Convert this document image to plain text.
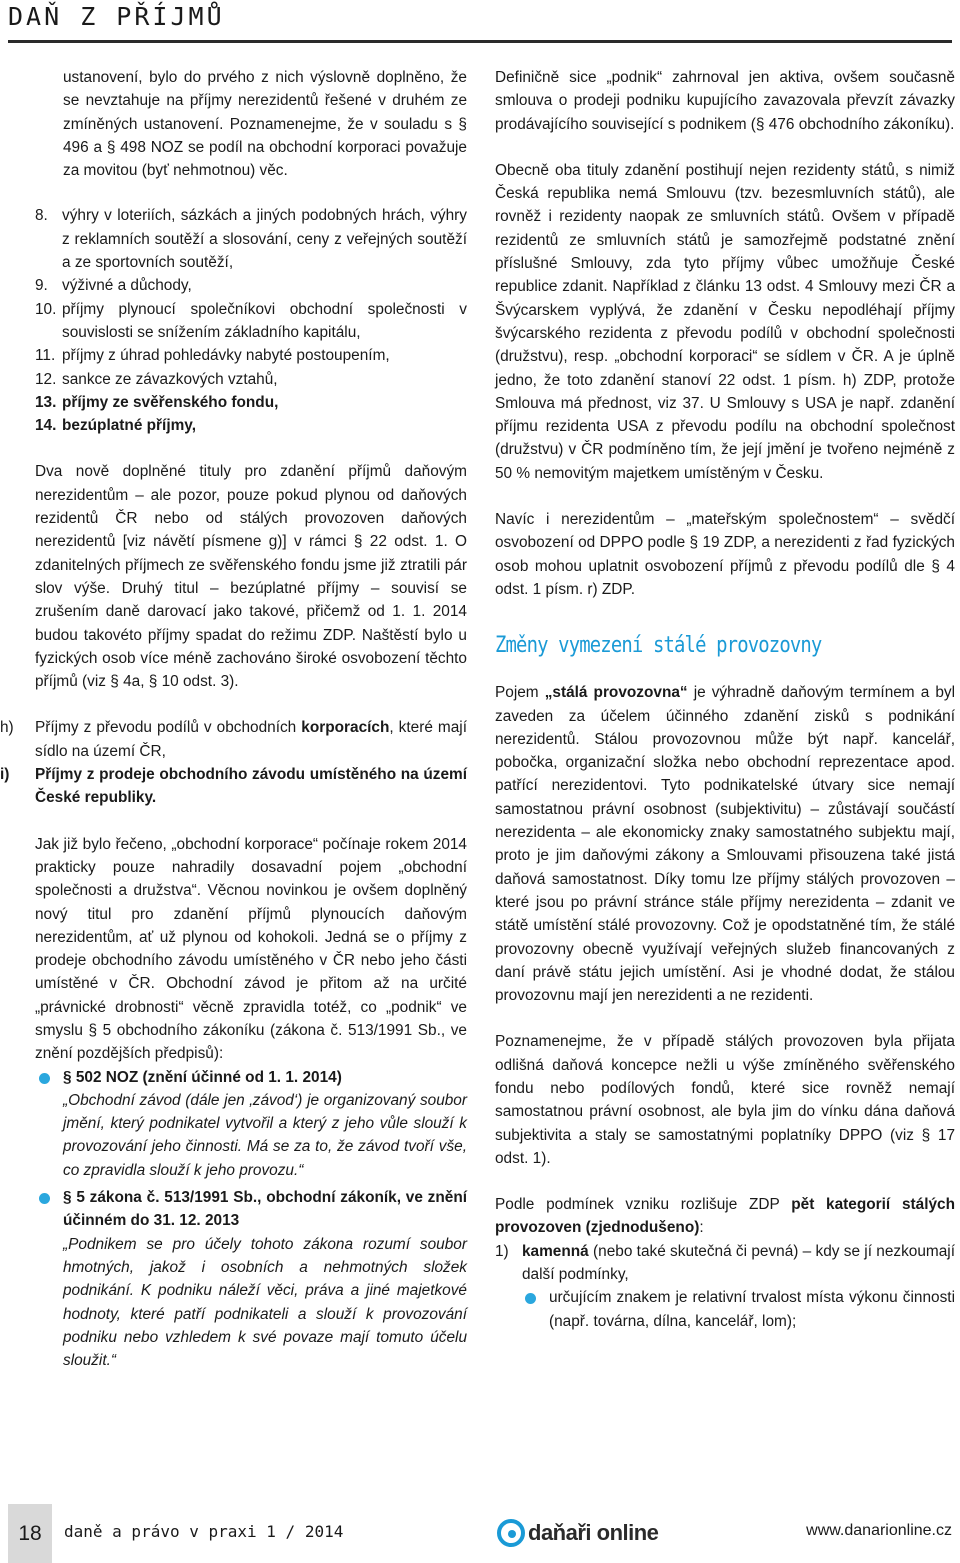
DAŇ Z PŘÍJMŮ

ustanovení, bylo do prvého z nich výslovně doplněno, že se nevztahuje na příjmy nerezidentů řešené v druhém ze zmíněných ustanovení. Poznamenejme, že v souladu s § 496 a § 498 NOZ se podíl na obchodní korporaci považuje za movitou (byť nehmotnou) věc.

8. výhry v loteriích, sázkách a jiných podobných hrách, výhry z reklamních soutěží a slosování, ceny z veřejných soutěží a ze sportovních soutěží,
9. výživné a důchody,
10. příjmy plynoucí společníkovi obchodní společnosti v souvislosti se snížením základního kapitálu,
11. příjmy z úhrad pohledávky nabyté postoupením,
12. sankce ze závazkových vztahů,
13. příjmy ze svěřenského fondu,
14. bezúplatné příjmy,

Dva nově doplněné tituly pro zdanění příjmů daňovým nerezidentům – ale pozor, pouze pokud plynou od daňových rezidentů ČR nebo od stálých provozoven daňových nerezidentů [viz návětí písmene g)] v rámci § 22 odst. 1. O zdanitelných příjmech ze svěřenského fondu jsme již ztratili pár slov výše. Druhý titul – bezúplatné příjmy – souvisí se zrušením daně darovací jako takové, přičemž od 1. 1. 2014 budou takovéto příjmy spadat do režimu ZDP. Naštěstí bylo u fyzických osob více méně zachováno široké osvobození těchto příjmů (viz § 4a, § 10 odst. 3).

h) Příjmy z převodu podílů v obchodních korporacích, které mají sídlo na území ČR,
i) Příjmy z prodeje obchodního závodu umístěného na území České republiky.

Jak již bylo řečeno, „obchodní korporace“ počínaje rokem 2014 prakticky pouze nahradily dosavadní pojem „obchodní společnosti a družstva“. Věcnou novinkou je ovšem doplněný nový titul pro zdanění příjmů plynoucích daňovým nerezidentům, ať už plynou od kohokoli. Jedná se o příjmy z prodeje obchodního závodu umístěného v ČR nebo jeho části umístěné v ČR. Obchodní závod je přitom až na určité „právnické drobnosti“ věcně zpravidla totéž, co „podnik“ ve smyslu § 5 obchodního zákoníku (zákona č. 513/1991 Sb., ve znění pozdějších předpisů):

§ 502 NOZ (znění účinné od 1. 1. 2014)

„Obchodní závod (dále jen ‚závod‘) je organizovaný soubor jmění, který podnikatel vytvořil a který z jeho vůle slouží k provozování jeho činnosti. Má se za to, že závod tvoří vše, co zpravidla slouží k jeho provozu.“

§ 5 zákona č. 513/1991 Sb., obchodní zákoník, ve znění účinném do 31. 12. 2013

„Podnikem se pro účely tohoto zákona rozumí soubor hmotných, jakož i osobních a nehmotných složek podnikání. K podniku náleží věci, práva a jiné majetkové hodnoty, které patří podnikateli a slouží k provozování podniku nebo vzhledem k své povaze mají tomuto účelu sloužit.“

Definičně sice „podnik“ zahrnoval jen aktiva, ovšem současně smlouva o prodeji podniku kupujícího zavazovala převzít závazky prodávajícího související s podnikem (§ 476 obchodního zákoníku).

Obecně oba tituly zdanění postihují nejen rezidenty států, s nimiž Česká republika nemá Smlouvu (tzv. bezesmluvních států), ale rovněž i rezidenty naopak ze smluvních států. Ovšem v případě rezidentů ze smluvních států je samozřejmě podstatné znění příslušné Smlouvy, zda tyto příjmy vůbec umožňuje České republice zdanit. Například z článku 13 odst. 4 Smlouvy mezi ČR a Švýcarskem vyplývá, že zdanění v Česku nepodléhají příjmy švýcarského rezidenta z převodu podílů v obchodní společnosti (družstvu), resp. „obchodní korporaci“ se sídlem v ČR. A je úplně jedno, že toto zdanění stanoví 22 odst. 1 písm. h) ZDP, protože Smlouva má přednost, viz 37. U Smlouvy s USA je např. zdanění příjmu rezidenta USA z převodu podílu na obchodní společnost (družstvu) v ČR podmíněno tím, že její jmění je tvořeno nejméně z 50 % nemovitým majetkem umístěným v Česku.

Navíc i nerezidentům – „mateřským společnostem“ – svědčí osvobození od DPPO podle § 19 ZDP, a nerezidenti z řad fyzických osob mohou uplatnit osvobození příjmů z převodu podílů dle § 4 odst. 1 písm. r) ZDP.

Změny vymezení stálé provozovny

Pojem „stálá provozovna“ je výhradně daňovým termínem a byl zaveden za účelem účinného zdanění zisků s podnikání nerezidentů. Stálou provozovnou může být např. kancelář, pobočka, organizační složka nebo obchodní reprezentace apod. patřící nerezidentovi. Tyto podnikatelské útvary sice nemají samostatnou právní osobnost (subjektivitu) – zůstávají součástí nerezidenta – ale ekonomicky znaky samostatného subjektu mají, proto je jim daňovými zákony a Smlouvami přisouzena také jistá daňová samostatnost. Díky tomu lze příjmy stálých provozoven – které jsou po právní stránce stále příjmy nerezidenta – zdanit ve státě umístění stálé provozovny. Což je opodstatněné tím, že stálé provozovny obecně využívají veřejných služeb financovaných z daní právě státu jejich umístění. Asi je vhodné dodat, že stálou provozovnu mají jen nerezidenti a ne rezidenti.

Poznamenejme, že v případě stálých provozoven byla přijata odlišná daňová koncepce nežli u výše zmíněného svěřenského fondu nebo podílových fondů, které sice rovněž nemají samostatnou právní osobnost, ale byla jim do vínku dána daňová subjektivita a staly se samostatnými poplatníky DPPO (viz § 17 odst. 1).

Podle podmínek vzniku rozlišuje ZDP pět kategorií stálých provozoven (zjednodušeno):

1) kamenná (nebo také skutečná či pevná) – kdy se jí nezkoumají další podmínky,
určujícím znakem je relativní trvalost místa výkonu činnosti (např. továrna, dílna, kancelář, lom);
18	daně a právo v praxi 1 / 2014	daňaři online	www.danarionline.cz
